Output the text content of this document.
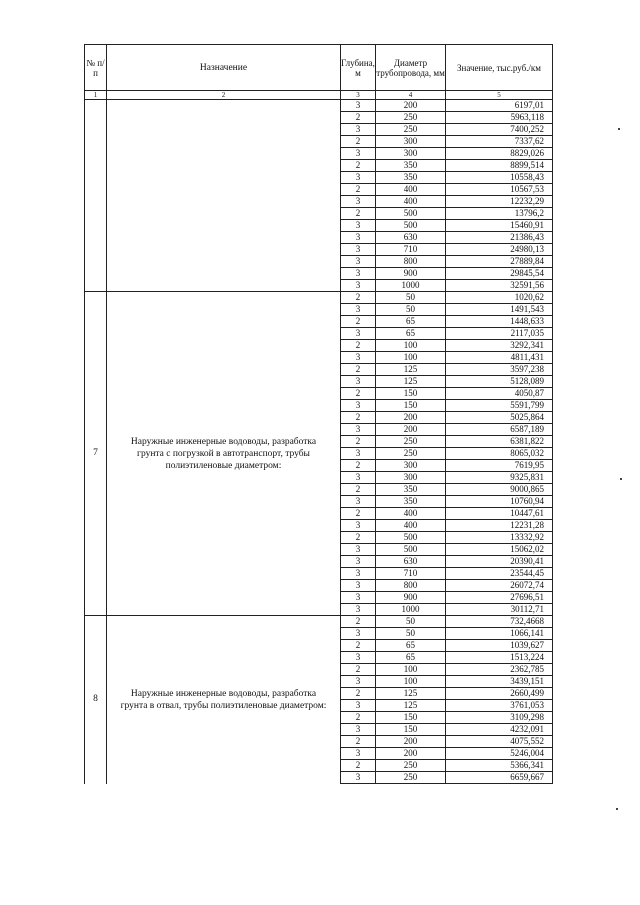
№ п/п	Назначение	Глубина, м	Диаметр трубопровода, мм	Значение, тыс.руб./км
1	2	3	4	5
		3	200	6197,01
		2	250	5963,118
		3	250	7400,252
		2	300	7337,62
		3	300	8829,026
		2	350	8899,514
		3	350	10558,43
		2	400	10567,53
		3	400	12232,29
		2	500	13796,2
		3	500	15460,91
		3	630	21386,43
		3	710	24980,13
		3	800	27889,84
		3	900	29845,54
		3	1000	32591,56
7	Наружные инженерные водоводы, разработка грунта с погрузкой в автотранспорт, трубы полиэтиленовые диаметром:	2	50	1020,62
		3	50	1491,543
		2	65	1448,633
		3	65	2117,035
		2	100	3292,341
		3	100	4811,431
		2	125	3597,238
		3	125	5128,089
		2	150	4050,87
		3	150	5591,799
		2	200	5025,864
		3	200	6587,189
		2	250	6381,822
		3	250	8065,032
		2	300	7619,95
		3	300	9325,831
		2	350	9000,865
		3	350	10760,94
		2	400	10447,61
		3	400	12231,28
		2	500	13332,92
		3	500	15062,02
		3	630	20390,41
		3	710	23544,45
		3	800	26072,74
		3	900	27696,51
		3	1000	30112,71
8	Наружные инженерные водоводы, разработка грунта в отвал, трубы полиэтиленовые диаметром:	2	50	732,4668
		3	50	1066,141
		2	65	1039,627
		3	65	1513,224
		2	100	2362,785
		3	100	3439,151
		2	125	2660,499
		3	125	3761,053
		2	150	3109,298
		3	150	4232,091
		2	200	4075,552
		3	200	5246,004
		2	250	5366,341
		3	250	6659,667
